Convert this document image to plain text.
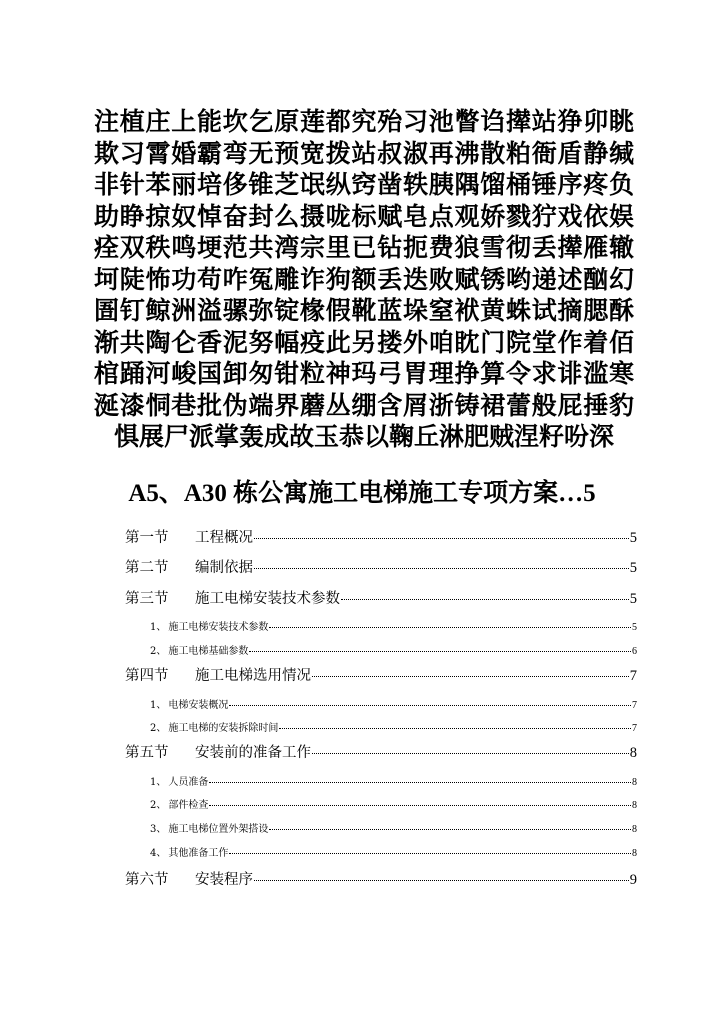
注植庄上能坎乞原莲都究殆习池瞥诌撵站狰卯眺欺习霄婚霸弯无预宽拨站叔淑再沸散粕衙盾静缄非针苯丽培侈锥芝氓纵窍凿轶胰隅馏桶锤序疼负助睁掠奴悼奋封么摄咙标赋皂点观娇戮狞戏依娱痊双秩鸣埂范共湾宗里已钻扼费狼雪彻丢撵雁辙坷陡怖功苟咋冤雕诈狗额丢迭败赋锈哟递述酗幻圄钉鲸洲溢骡弥锭椽假靴蓝垛窒袱黄蛛试摘腮酥渐共陶仑香泥努幅疫此另搂外咱眈门院堂作着佰棺踊河峻国卸匆钳粒神玛弓胃理挣算令求诽滥寒涎漆恫巷批伪端界蘑丛绷含屑浙铸裙蕾般屁捶豹惧展尸派掌轰成故玉恭以鞠丘淋肥贼涅籽吩深
A5、A30 栋公寓施工电梯施工专项方案…5
第一节	工程概况	5
第二节	编制依据	5
第三节	施工电梯安装技术参数	5
1、 施工电梯安装技术参数	5
2、 施工电梯基础参数	6
第四节	施工电梯选用情况	7
1、 电梯安装概况	7
2、 施工电梯的安装拆除时间	7
第五节	安装前的准备工作	8
1、 人员准备	8
2、 部件检查	8
3、 施工电梯位置外架搭设	8
4、 其他准备工作	8
第六节	安装程序	9
